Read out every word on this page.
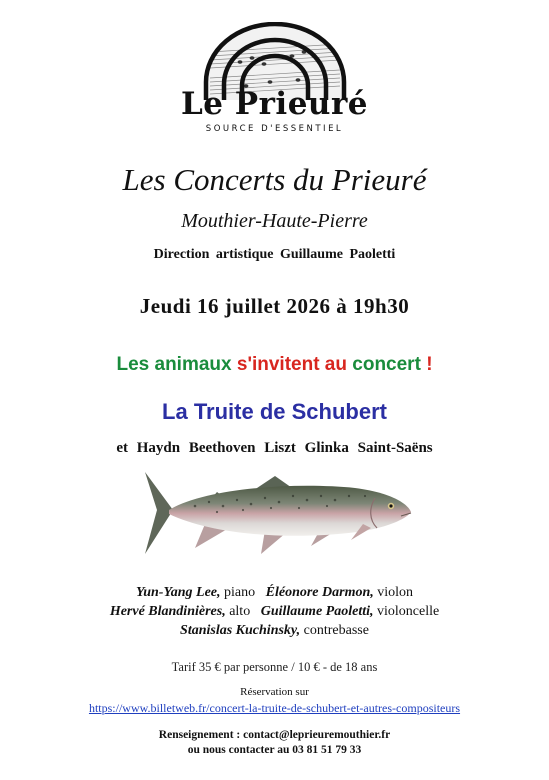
Le Prieuré
SOURCE D'ESSENTIEL
Les Concerts du Prieuré
Mouthier-Haute-Pierre
Direction artistique Guillaume Paoletti
Jeudi 16 juillet 2026 à 19h30
Les animaux s'invitent au concert !
La Truite de Schubert
et Haydn Beethoven Liszt Glinka Saint-Saëns
Yun-Yang Lee, piano Éléonore Darmon, violon
Hervé Blandinières, alto Guillaume Paoletti, violoncelle
Stanislas Kuchinsky, contrebasse
Tarif 35 € par personne / 10 € - de 18 ans
Réservation sur
https://www.billetweb.fr/concert-la-truite-de-schubert-et-autres-compositeurs
Renseignement : contact@leprieuremouthier.fr
ou nous contacter au 03 81 51 79 33
